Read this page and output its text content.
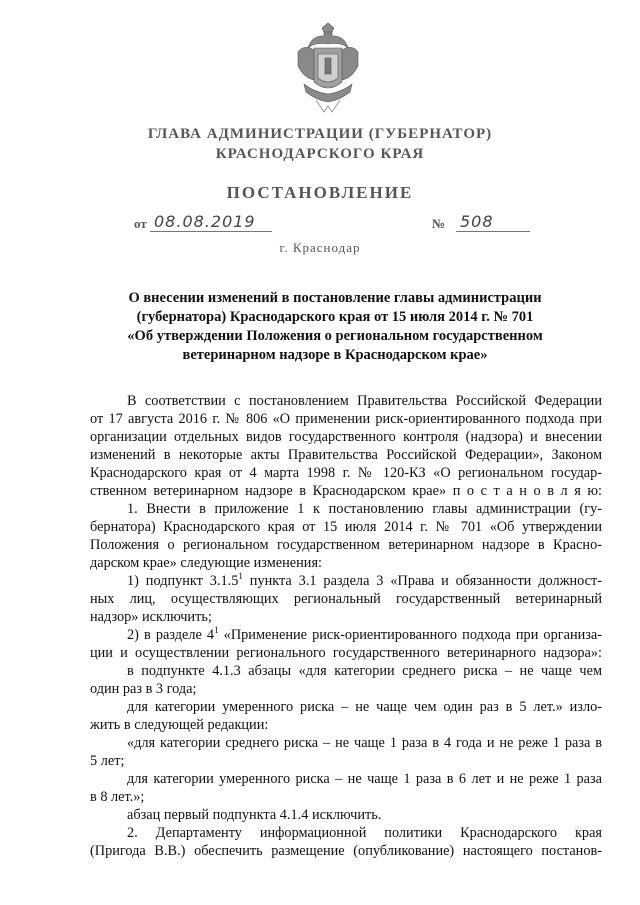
ГЛАВА АДМИНИСТРАЦИИ (ГУБЕРНАТОР)
КРАСНОДАРСКОГО КРАЯ
ПОСТАНОВЛЕНИЕ
от 08.08.2019	№ 508
г. Краснодар
О внесении изменений в постановление главы администрации
(губернатора) Краснодарского края от 15 июля 2014 г. № 701
«Об утверждении Положения о региональном государственном
ветеринарном надзоре в Краснодарском крае»
В соответствии с постановлением Правительства Российской Федерации
от 17 августа 2016 г. № 806 «О применении риск-ориентированного подхода при
организации отдельных видов государственного контроля (надзора) и внесении
изменений в некоторые акты Правительства Российской Федерации», Законом
Краснодарского края от 4 марта 1998 г. № 120-КЗ «О региональном государ-
ственном ветеринарном надзоре в Краснодарском крае» п о с т а н о в л я ю:
1. Внести в приложение 1 к постановлению главы администрации (гу-
бернатора) Краснодарского края от 15 июля 2014 г. № 701 «Об утверждении
Положения о региональном государственном ветеринарном надзоре в Красно-
дарском крае» следующие изменения:
1) подпункт 3.1.5$^1$ пункта 3.1 раздела 3 «Права и обязанности должност-
ных лиц, осуществляющих региональный государственный ветеринарный
надзор» исключить;
2) в разделе $4^1$ «Применение риск-ориентированного подхода при организа-
ции и осуществлении регионального государственного ветеринарного надзора»:
в подпункте 4.1.3 абзацы «для категории среднего риска – не чаще чем
один раз в 3 года;
для категории умеренного риска – не чаще чем один раз в 5 лет.» изло-
жить в следующей редакции:
«для категории среднего риска – не чаще 1 раза в 4 года и не реже 1 раза в
5 лет;
для категории умеренного риска – не чаще 1 раза в 6 лет и не реже 1 раза
в 8 лет.»;
абзац первый подпункта 4.1.4 исключить.
2. Департаменту информационной политики Краснодарского края
(Пригода В.В.) обеспечить размещение (опубликование) настоящего постанов-
